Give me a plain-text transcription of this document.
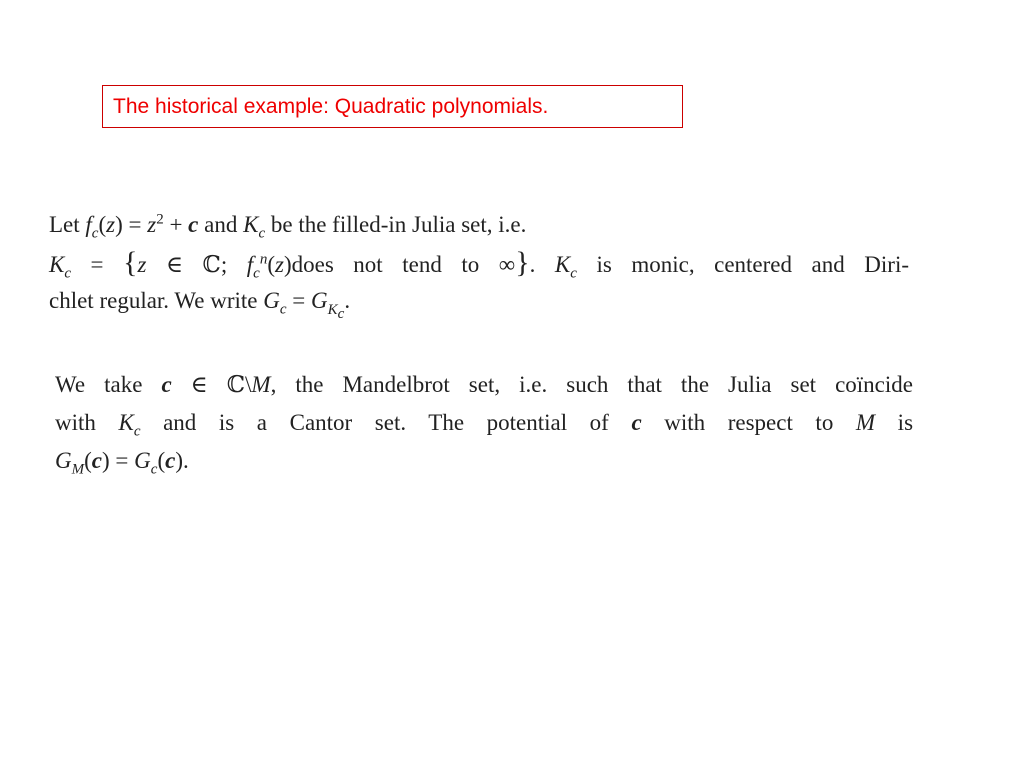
The historical example: Quadratic polynomials.
Let $f_c(z) = z^2 + c$ and $K_c$ be the filled-in Julia set, i.e.
$K_c = \{z$ ∈ ℂ; $f_c^n(z)does$ not tend to ∞}. $K_c$ is monic, centered and Diri-
chlet regular. We write $G_c = G_{K_c}$.
We take c ∈ ℂ\M, the Mandelbrot set, i.e. such that the Julia set coïncide
with $K_c$ and is a Cantor set. The potential of c with respect to M is
$G_M(c) = G_c(c)$.
